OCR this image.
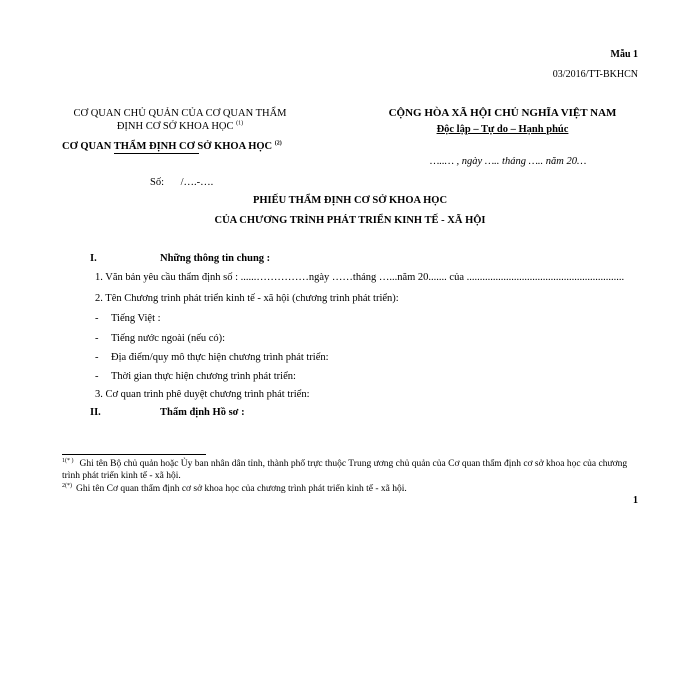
Mẫu 1
03/2016/TT-BKHCN
CƠ QUAN CHỦ QUẢN CỦA CƠ QUAN THẨM
ĐỊNH CƠ SỞ KHOA HỌC $^{(1)}$
CƠ QUAN THẨM ĐỊNH CƠ SỞ KHOA HỌC $^{(2)}$
CỘNG HÒA XÃ HỘI CHỦ NGHĨA VIỆT NAM
Độc lập – Tự do – Hạnh phúc
…..… , ngày ….. tháng ….. năm 20…
Số: /….-….
PHIẾU THẨM ĐỊNH CƠ SỞ KHOA HỌC
CỦA CHƯƠNG TRÌNH PHÁT TRIỂN KINH TẾ - XÃ HỘI
I.	Những thông tin chung :
1. Văn bản yêu cầu thẩm định số : ......……………ngày ……tháng …...năm 20....... của ............................................................
2. Tên Chương trình phát triển kinh tế - xã hội (chương trình phát triển):
- Tiếng Việt :
- Tiếng nước ngoài (nếu có):
- Địa điểm/quy mô thực hiện chương trình phát triển:
- Thời gian thực hiện chương trình phát triển:
3. Cơ quan trình phê duyệt chương trình phát triển:
II.	Thẩm định Hồ sơ :
$^{1(* )}$ Ghi tên Bộ chủ quản hoặc Ủy ban nhân dân tỉnh, thành phố trực thuộc Trung ương chủ quản của Cơ quan thẩm định cơ sở khoa học của chương trình phát triển kinh tế - xã hội.
$^{2(*)}$ Ghi tên Cơ quan thẩm định cơ sở khoa học của chương trình phát triển kinh tế - xã hội.
1
